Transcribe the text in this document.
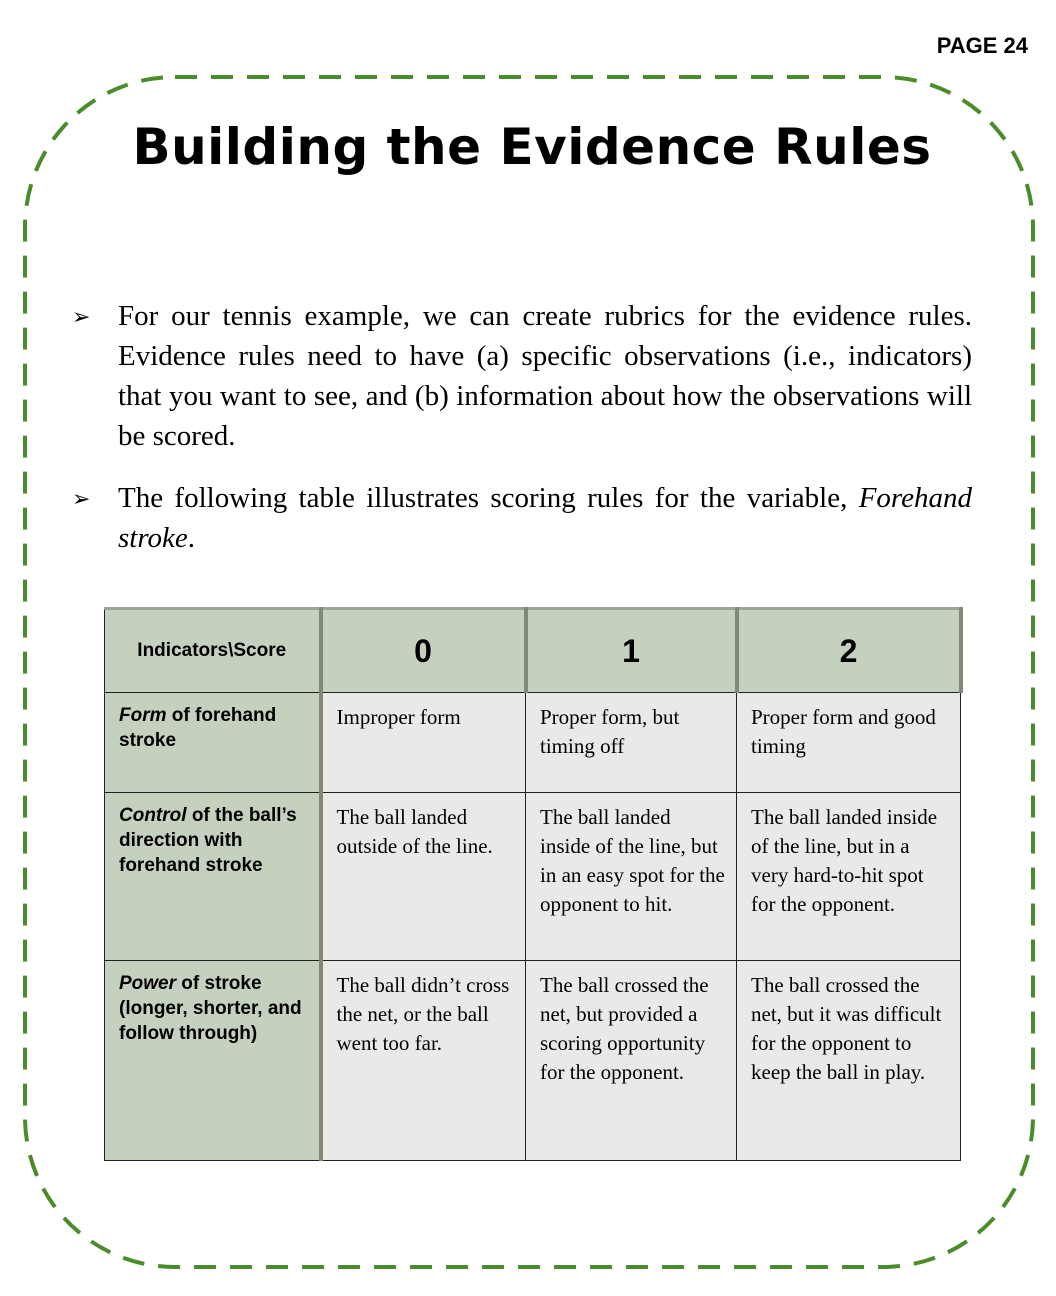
PAGE 24
Building the Evidence Rules
➢ For our tennis example, we can create rubrics for the evidence rules. Evidence rules need to have (a) specific observations (i.e., indicators) that you want to see, and (b) information about how the observations will be scored.
➢ The following table illustrates scoring rules for the variable, Forehand stroke.
Indicators\Score	0	1	2
Form of forehand stroke	Improper form	Proper form, but timing off	Proper form and good timing
Control of the ball’s direction with forehand stroke	The ball landed outside of the line.	The ball landed inside of the line, but in an easy spot for the opponent to hit.	The ball landed inside of the line, but in a very hard-to-hit spot for the opponent.
Power of stroke (longer, shorter, and follow through)	The ball didn’t cross the net, or the ball went too far.	The ball crossed the net, but provided a scoring opportunity for the opponent.	The ball crossed the net, but it was difficult for the opponent to keep the ball in play.
